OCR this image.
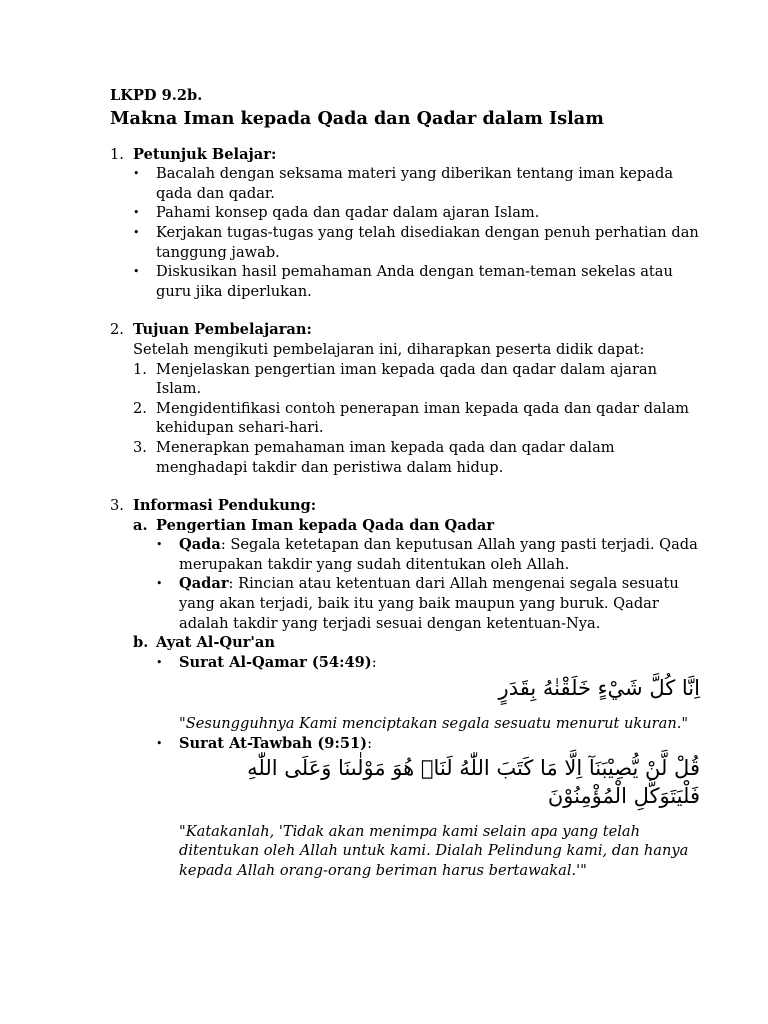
LKPD 9.2b.
Makna Iman kepada Qada dan Qadar dalam Islam
1. Petunjuk Belajar:
• Bacalah dengan seksama materi yang diberikan tentang iman kepada qada dan qadar.
• Pahami konsep qada dan qadar dalam ajaran Islam.
• Kerjakan tugas-tugas yang telah disediakan dengan penuh perhatian dan tanggung jawab.
• Diskusikan hasil pemahaman Anda dengan teman-teman sekelas atau guru jika diperlukan.
2. Tujuan Pembelajaran:
Setelah mengikuti pembelajaran ini, diharapkan peserta didik dapat:
1. Menjelaskan pengertian iman kepada qada dan qadar dalam ajaran Islam.
2. Mengidentifikasi contoh penerapan iman kepada qada dan qadar dalam kehidupan sehari-hari.
3. Menerapkan pemahaman iman kepada qada dan qadar dalam menghadapi takdir dan peristiwa dalam hidup.
3. Informasi Pendukung:
a. Pengertian Iman kepada Qada dan Qadar
• Qada: Segala ketetapan dan keputusan Allah yang pasti terjadi. Qada merupakan takdir yang sudah ditentukan oleh Allah.
• Qadar: Rincian atau ketentuan dari Allah mengenai segala sesuatu yang akan terjadi, baik itu yang baik maupun yang buruk. Qadar adalah takdir yang terjadi sesuai dengan ketentuan-Nya.
b. Ayat Al-Qur'an
• Surat Al-Qamar (54:49):
اِنَّا كُلَّ شَيْءٍ خَلَقْنٰهُ بِقَدَرٍ
"Sesungguhnya Kami menciptakan segala sesuatu menurut ukuran."
• Surat At-Tawbah (9:51):
قُلْ لَّنْ يُّصِيْبَنَآ اِلَّا مَا كَتَبَ اللّٰهُ لَنَاۚ هُوَ مَوْلٰىنَا وَعَلَى اللّٰهِ فَلْيَتَوَكَّلِ الْمُؤْمِنُوْنَ
"Katakanlah, 'Tidak akan menimpa kami selain apa yang telah ditentukan oleh Allah untuk kami. Dialah Pelindung kami, dan hanya kepada Allah orang-orang beriman harus bertawakal.'"
